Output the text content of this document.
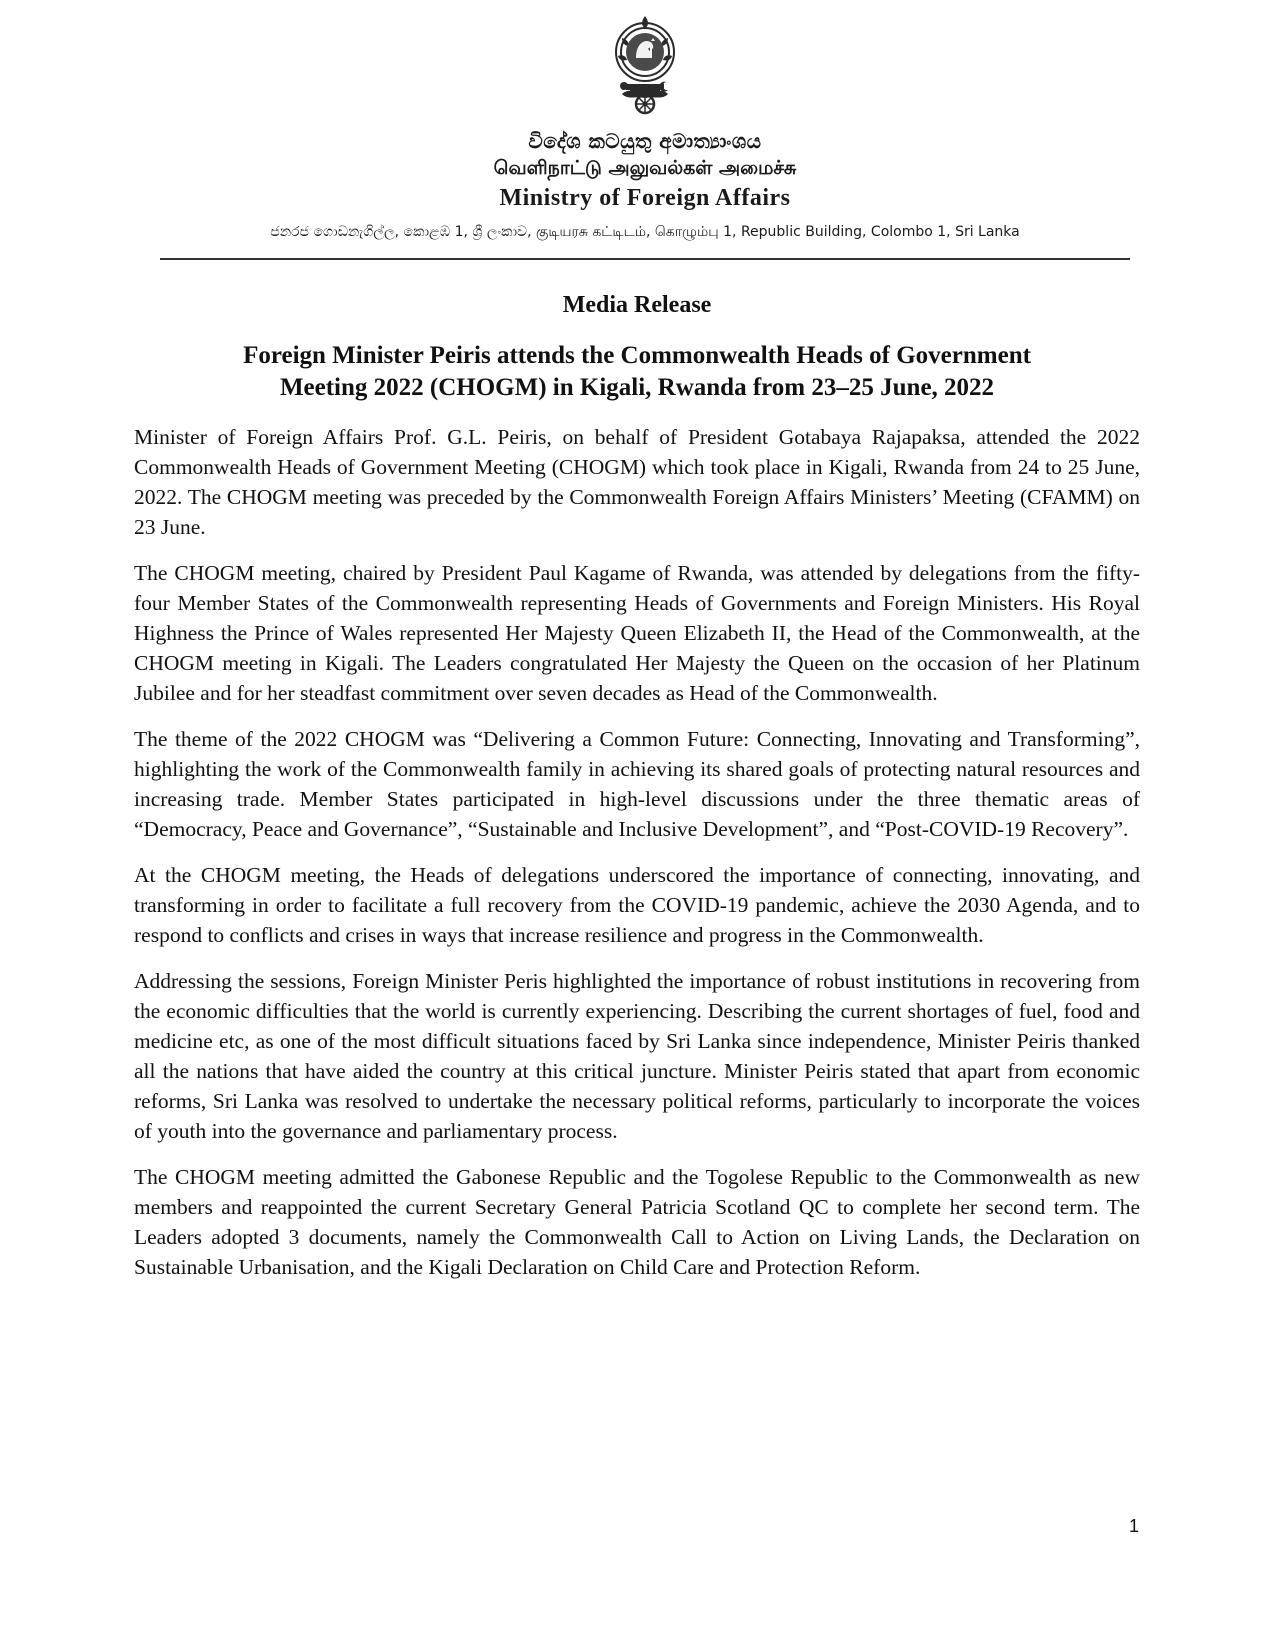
විදේශ කටයුතු අමාත්‍යාංශය
வெளிநாட்டு அலுவல்கள் அமைச்சு
Ministry of Foreign Affairs
ජනරජ ගොඩනැගිල්ල, කොළඹ 1, ශ්‍රී ලංකාව, குடியரசு கட்டிடம், கொழும்பு 1, Republic Building, Colombo 1, Sri Lanka
Media Release
Foreign Minister Peiris attends the Commonwealth Heads of Government
Meeting 2022 (CHOGM) in Kigali, Rwanda from 23–25 June, 2022

Minister of Foreign Affairs Prof. G.L. Peiris, on behalf of President Gotabaya Rajapaksa, attended the 2022 Commonwealth Heads of Government Meeting (CHOGM) which took place in Kigali, Rwanda from 24 to 25 June, 2022. The CHOGM meeting was preceded by the Commonwealth Foreign Affairs Ministers’ Meeting (CFAMM) on 23 June.

The CHOGM meeting, chaired by President Paul Kagame of Rwanda, was attended by delegations from the fifty-four Member States of the Commonwealth representing Heads of Governments and Foreign Ministers. His Royal Highness the Prince of Wales represented Her Majesty Queen Elizabeth II, the Head of the Commonwealth, at the CHOGM meeting in Kigali. The Leaders congratulated Her Majesty the Queen on the occasion of her Platinum Jubilee and for her steadfast commitment over seven decades as Head of the Commonwealth.

The theme of the 2022 CHOGM was “Delivering a Common Future: Connecting, Innovating and Transforming”, highlighting the work of the Commonwealth family in achieving its shared goals of protecting natural resources and increasing trade. Member States participated in high-level discussions under the three thematic areas of “Democracy, Peace and Governance”, “Sustainable and Inclusive Development”, and “Post-COVID-19 Recovery”.

At the CHOGM meeting, the Heads of delegations underscored the importance of connecting, innovating, and transforming in order to facilitate a full recovery from the COVID-19 pandemic, achieve the 2030 Agenda, and to respond to conflicts and crises in ways that increase resilience and progress in the Commonwealth.

Addressing the sessions, Foreign Minister Peris highlighted the importance of robust institutions in recovering from the economic difficulties that the world is currently experiencing. Describing the current shortages of fuel, food and medicine etc, as one of the most difficult situations faced by Sri Lanka since independence, Minister Peiris thanked all the nations that have aided the country at this critical juncture. Minister Peiris stated that apart from economic reforms, Sri Lanka was resolved to undertake the necessary political reforms, particularly to incorporate the voices of youth into the governance and parliamentary process.

The CHOGM meeting admitted the Gabonese Republic and the Togolese Republic to the Commonwealth as new members and reappointed the current Secretary General Patricia Scotland QC to complete her second term. The Leaders adopted 3 documents, namely the Commonwealth Call to Action on Living Lands, the Declaration on Sustainable Urbanisation, and the Kigali Declaration on Child Care and Protection Reform.

1
